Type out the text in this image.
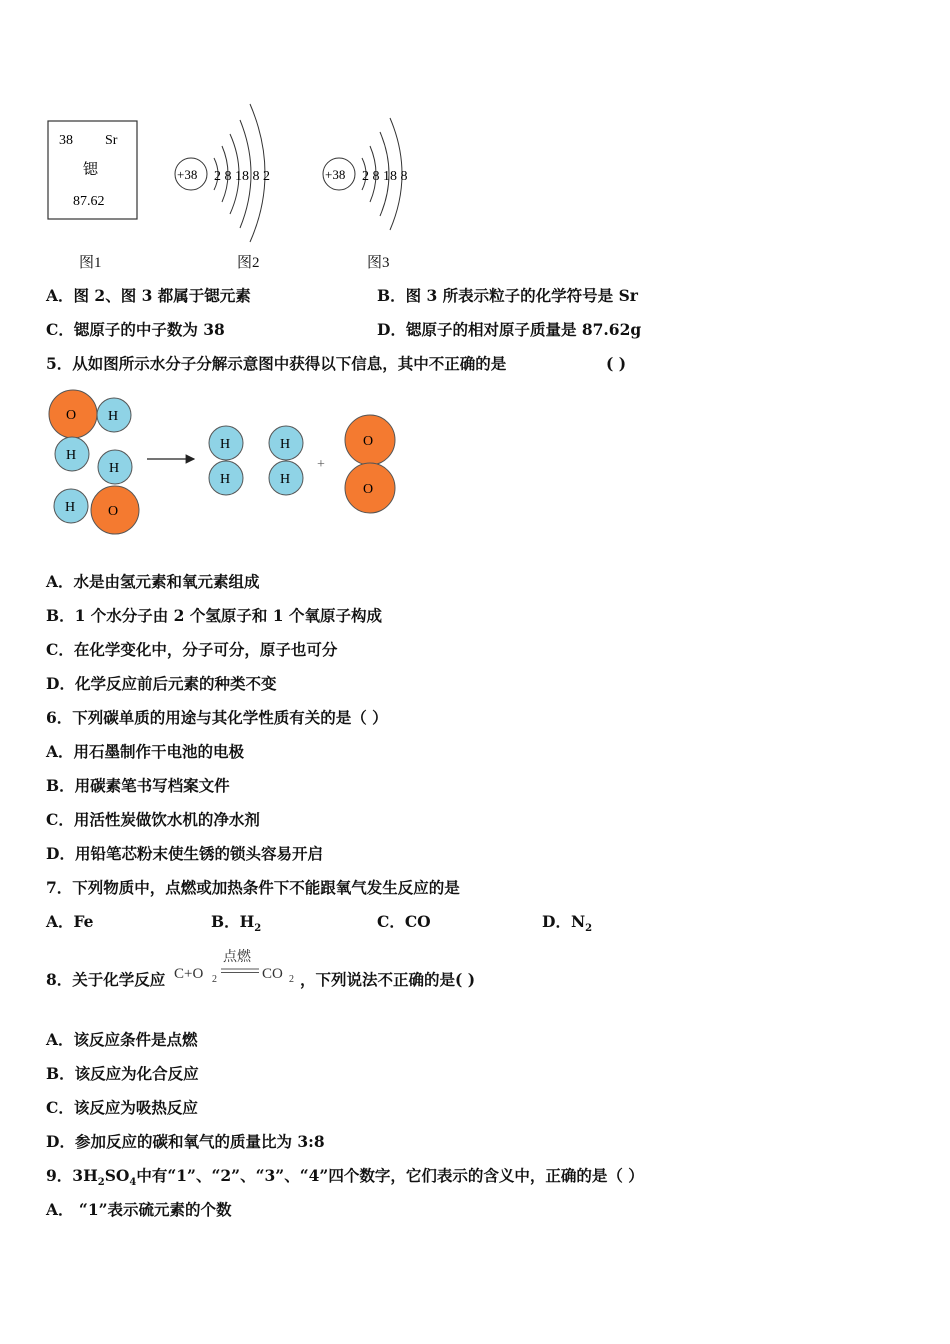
38 Sr
锶
87.62
+38 2 8 18 8 2	+38 2 8 18 8
图1	图2	图3
A．图 2、图 3 都属于锶元素	B．图 3 所表示粒子的化学符号是 Sr
C．锶原子的中子数为 38	D．锶原子的相对原子质量是 87.62g
5．从如图所示水分子分解示意图中获得以下信息，其中不正确的是	( )
O H
H
H
H O
H
H
H
H
+
O
O
A．水是由氢元素和氧元素组成
B．1 个水分子由 2 个氢原子和 1 个氧原子构成
C．在化学变化中，分子可分，原子也可分
D．化学反应前后元素的种类不变
6．下列碳单质的用途与其化学性质有关的是（ ）
A．用石墨制作干电池的电极
B．用碳素笔书写档案文件
C．用活性炭做饮水机的净水剂
D．用铅笔芯粉末使生锈的锁头容易开启
7．下列物质中，点燃或加热条件下不能跟氧气发生反应的是
A．Fe	B．$H_2$	C．CO	D．$N_2$
8．关于化学反应 C+O 2
点燃
CO 2 ，下列说法不正确的是( )
A．该反应条件是点燃
B．该反应为化合反应
C．该反应为吸热反应
D．参加反应的碳和氧气的质量比为 3:8
9．$3H_2SO_4$中有“1”、“2”、“3”、“4”四个数字，它们表示的含义中，正确的是（ ）
A． “1”表示硫元素的个数
